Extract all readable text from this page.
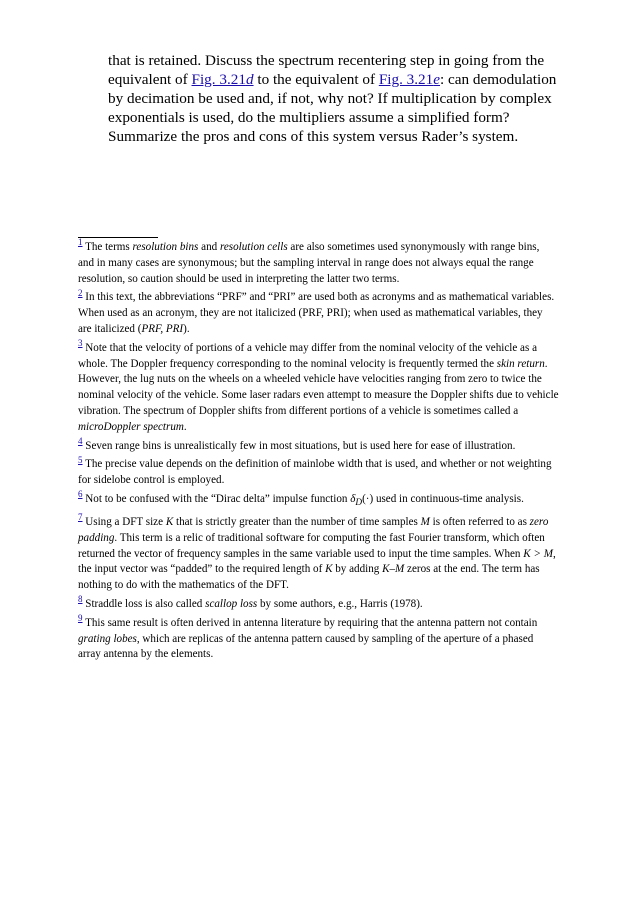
that is retained. Discuss the spectrum recentering step in going from the
equivalent of Fig. 3.21d to the equivalent of Fig. 3.21e: can demodulation
by decimation be used and, if not, why not? If multiplication by complex
exponentials is used, do the multipliers assume a simplified form?
Summarize the pros and cons of this system versus Rader’s system.
$^1$ The terms resolution bins and resolution cells are also sometimes used synonymously with range bins,
and in many cases are synonymous; but the sampling interval in range does not always equal the range
resolution, so caution should be used in interpreting the latter two terms.
$^2$ In this text, the abbreviations “PRF” and “PRI” are used both as acronyms and as mathematical variables.
When used as an acronym, they are not italicized (PRF, PRI); when used as mathematical variables, they
are italicized (PRF, PRI).
$^3$ Note that the velocity of portions of a vehicle may differ from the nominal velocity of the vehicle as a
whole. The Doppler frequency corresponding to the nominal velocity is frequently termed the skin return.
However, the lug nuts on the wheels on a wheeled vehicle have velocities ranging from zero to twice the
nominal velocity of the vehicle. Some laser radars even attempt to measure the Doppler shifts due to vehicle
vibration. The spectrum of Doppler shifts from different portions of a vehicle is sometimes called a
microDoppler spectrum.
$^4$ Seven range bins is unrealistically few in most situations, but is used here for ease of illustration.
$^5$ The precise value depends on the definition of mainlobe width that is used, and whether or not weighting
for sidelobe control is employed.
$^6$ Not to be confused with the “Dirac delta” impulse function $\delta_D(\cdot)$ used in continuous-time analysis.
$^7$ Using a DFT size K that is strictly greater than the number of time samples M is often referred to as zero
padding. This term is a relic of traditional software for computing the fast Fourier transform, which often
returned the vector of frequency samples in the same variable used to input the time samples. When K > M,
the input vector was “padded” to the required length of K by adding K–M zeros at the end. The term has
nothing to do with the mathematics of the DFT.
$^8$ Straddle loss is also called scallop loss by some authors, e.g., Harris (1978).
$^9$ This same result is often derived in antenna literature by requiring that the antenna pattern not contain
grating lobes, which are replicas of the antenna pattern caused by sampling of the aperture of a phased
array antenna by the elements.
